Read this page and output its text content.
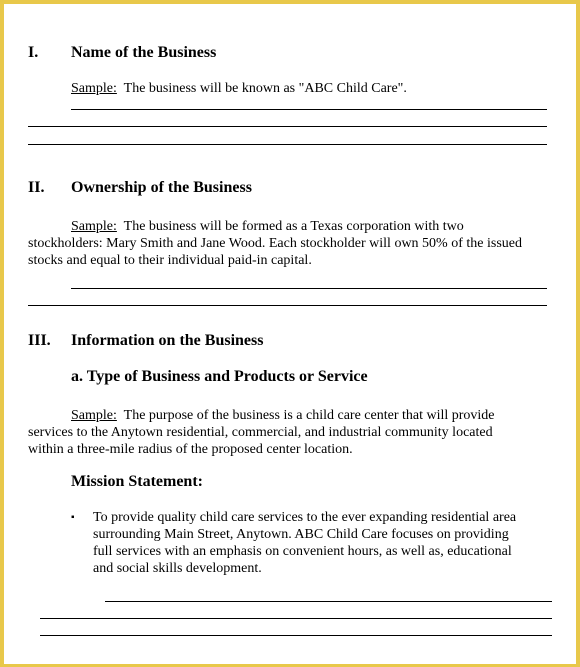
I. Name of the Business
Sample: The business will be known as "ABC Child Care".
II. Ownership of the Business
Sample: The business will be formed as a Texas corporation with two
stockholders: Mary Smith and Jane Wood. Each stockholder will own 50% of the issued
stocks and equal to their individual paid-in capital.
III. Information on the Business
a. Type of Business and Products or Service
Sample: The purpose of the business is a child care center that will provide
services to the Anytown residential, commercial, and industrial community located
within a three-mile radius of the proposed center location.
Mission Statement:
▪ To provide quality child care services to the ever expanding residential area
surrounding Main Street, Anytown. ABC Child Care focuses on providing
full services with an emphasis on convenient hours, as well as, educational
and social skills development.
